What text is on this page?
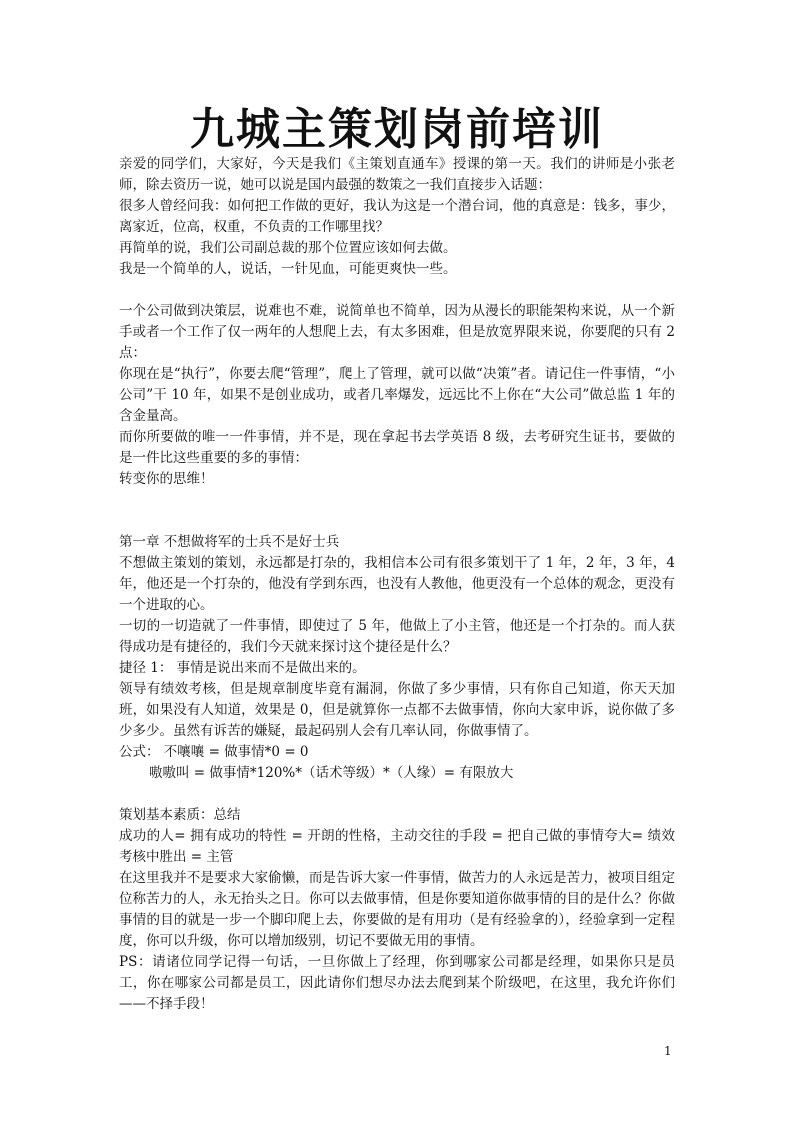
九城主策划岗前培训

亲爱的同学们，大家好，今天是我们《主策划直通车》授课的第一天。我们的讲师是小张老师，除去资历一说，她可以说是国内最强的数策之一我们直接步入话题：

很多人曾经问我：如何把工作做的更好，我认为这是一个潜台词，他的真意是：钱多，事少，离家近，位高，权重，不负责的工作哪里找？

再简单的说，我们公司副总裁的那个位置应该如何去做。

我是一个简单的人，说话，一针见血，可能更爽快一些。

一个公司做到决策层，说难也不难，说简单也不简单，因为从漫长的职能架构来说，从一个新手或者一个工作了仅一两年的人想爬上去，有太多困难，但是放宽界限来说，你要爬的只有 2 点：

你现在是“执行”，你要去爬“管理”，爬上了管理，就可以做“决策”者。请记住一件事情，“小公司”干 10 年，如果不是创业成功，或者几率爆发，远远比不上你在“大公司”做总监 1 年的含金量高。

而你所要做的唯一一件事情，并不是，现在拿起书去学英语 8 级，去考研究生证书，要做的是一件比这些重要的多的事情：

转变你的思维！

第一章 不想做将军的士兵不是好士兵

不想做主策划的策划，永远都是打杂的，我相信本公司有很多策划干了 1 年，2 年，3 年，4 年，他还是一个打杂的，他没有学到东西，也没有人教他，他更没有一个总体的观念，更没有一个进取的心。

一切的一切造就了一件事情，即使过了 5 年，他做上了小主管，他还是一个打杂的。而人获得成功是有捷径的，我们今天就来探讨这个捷径是什么？

捷径 1： 事情是说出来而不是做出来的。

领导有绩效考核，但是规章制度毕竟有漏洞，你做了多少事情，只有你自己知道，你天天加班，如果没有人知道，效果是 0，但是就算你一点都不去做事情，你向大家申诉，说你做了多少多少。虽然有诉苦的嫌疑，最起码别人会有几率认同，你做事情了。

公式： 不嚷嚷 = 做事情*0 = 0

嗷嗷叫 = 做事情*120%*（话术等级）*（人缘）= 有限放大

策划基本素质：总结

成功的人= 拥有成功的特性 = 开朗的性格，主动交往的手段 = 把自己做的事情夸大= 绩效考核中胜出 = 主管

在这里我并不是要求大家偷懒，而是告诉大家一件事情，做苦力的人永远是苦力，被项目组定位称苦力的人，永无抬头之日。你可以去做事情，但是你要知道你做事情的目的是什么？你做事情的目的就是一步一个脚印爬上去，你要做的是有用功（是有经验拿的），经验拿到一定程度，你可以升级，你可以增加级别，切记不要做无用的事情。

PS：请诸位同学记得一句话，一旦你做上了经理，你到哪家公司都是经理，如果你只是员工，你在哪家公司都是员工，因此请你们想尽办法去爬到某个阶级吧，在这里，我允许你们——不择手段！

1
